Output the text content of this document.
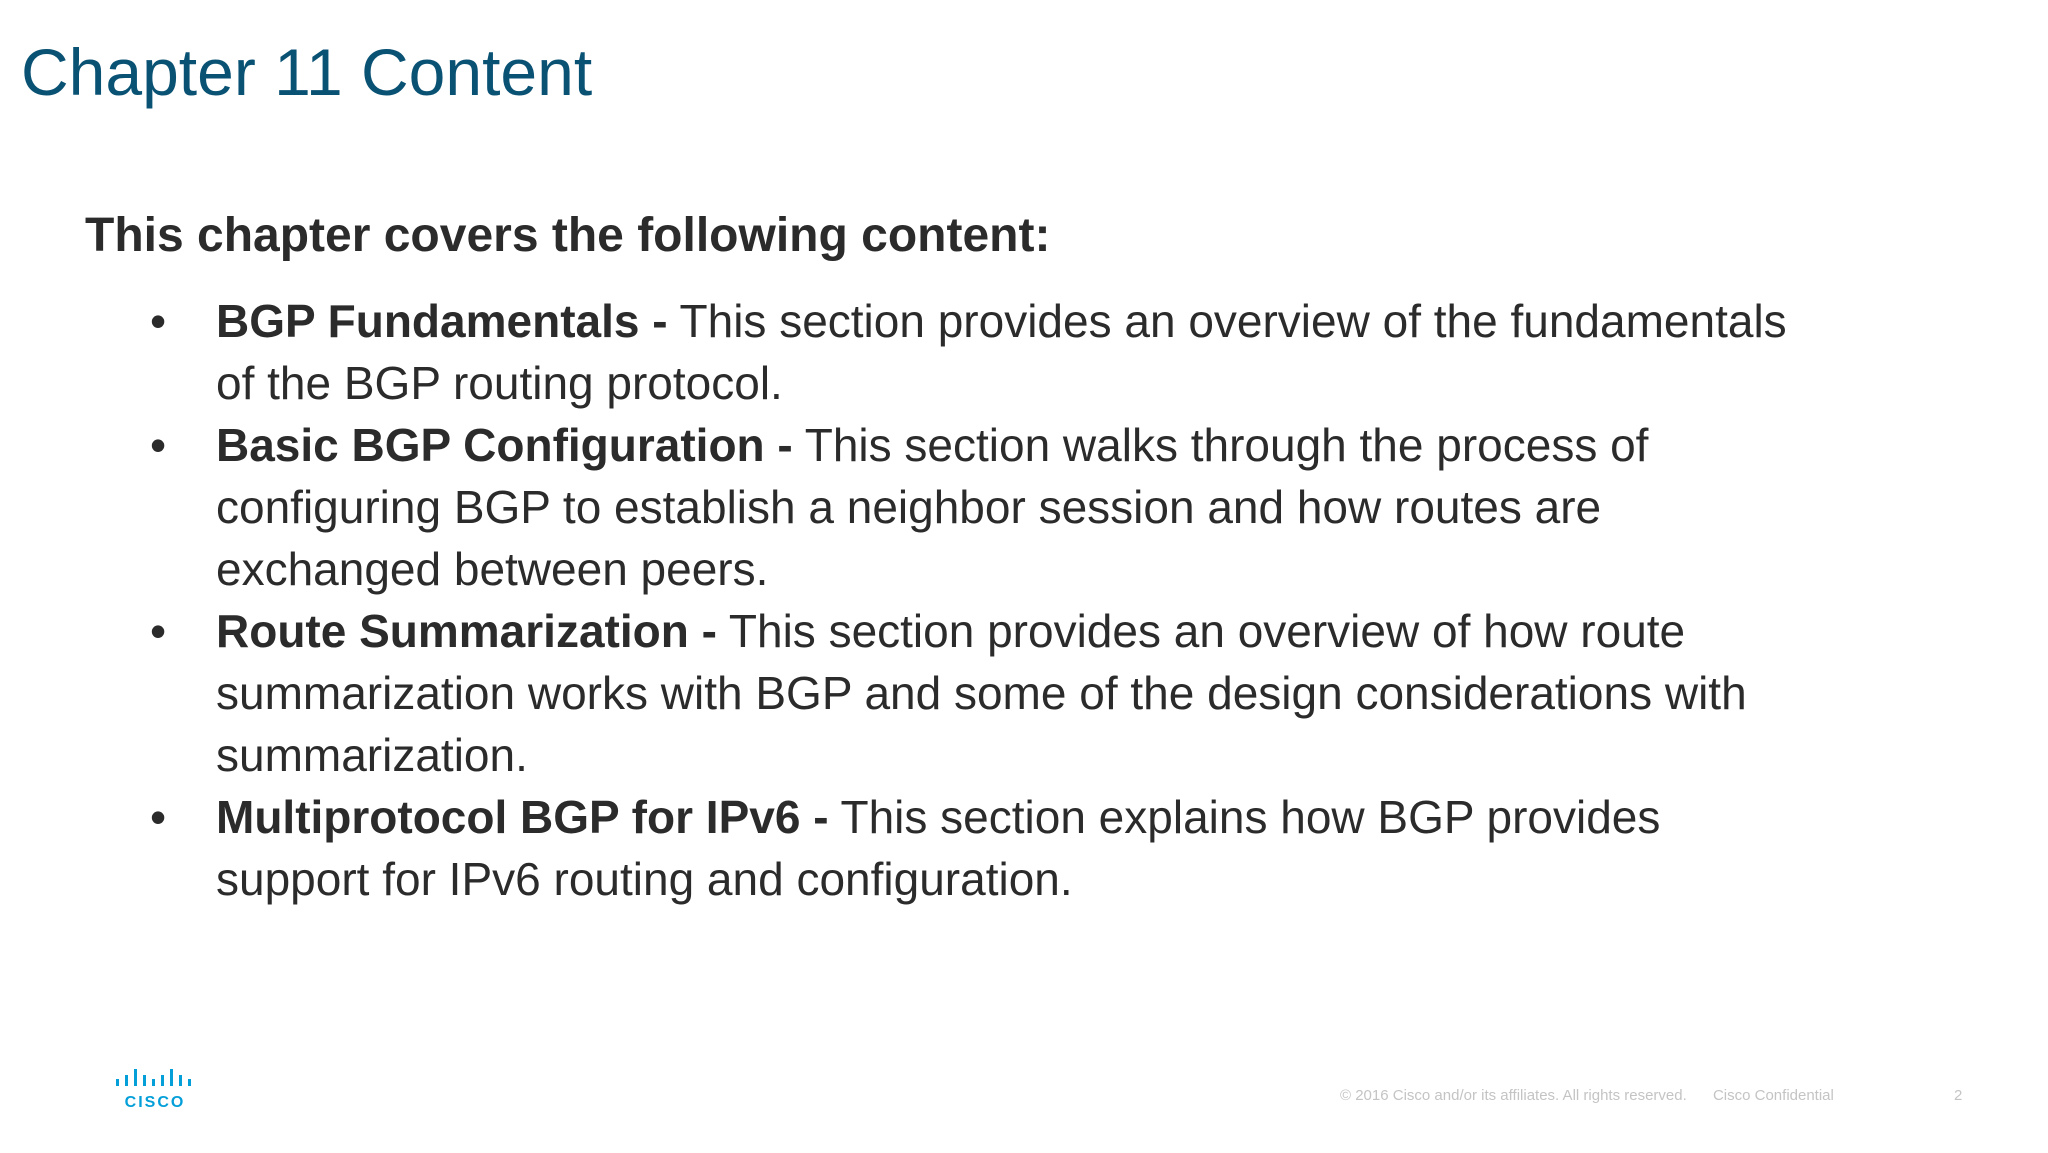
Chapter 11 Content
This chapter covers the following content:
•	BGP Fundamentals - This section provides an overview of the fundamentals of the BGP routing protocol.
•	Basic BGP Configuration - This section walks through the process of configuring BGP to establish a neighbor session and how routes are exchanged between peers.
•	Route Summarization - This section provides an overview of how route summarization works with BGP and some of the design considerations with summarization.
•	Multiprotocol BGP for IPv6 - This section explains how BGP provides support for IPv6 routing and configuration.
CISCO	© 2016 Cisco and/or its affiliates. All rights reserved. Cisco Confidential	2
